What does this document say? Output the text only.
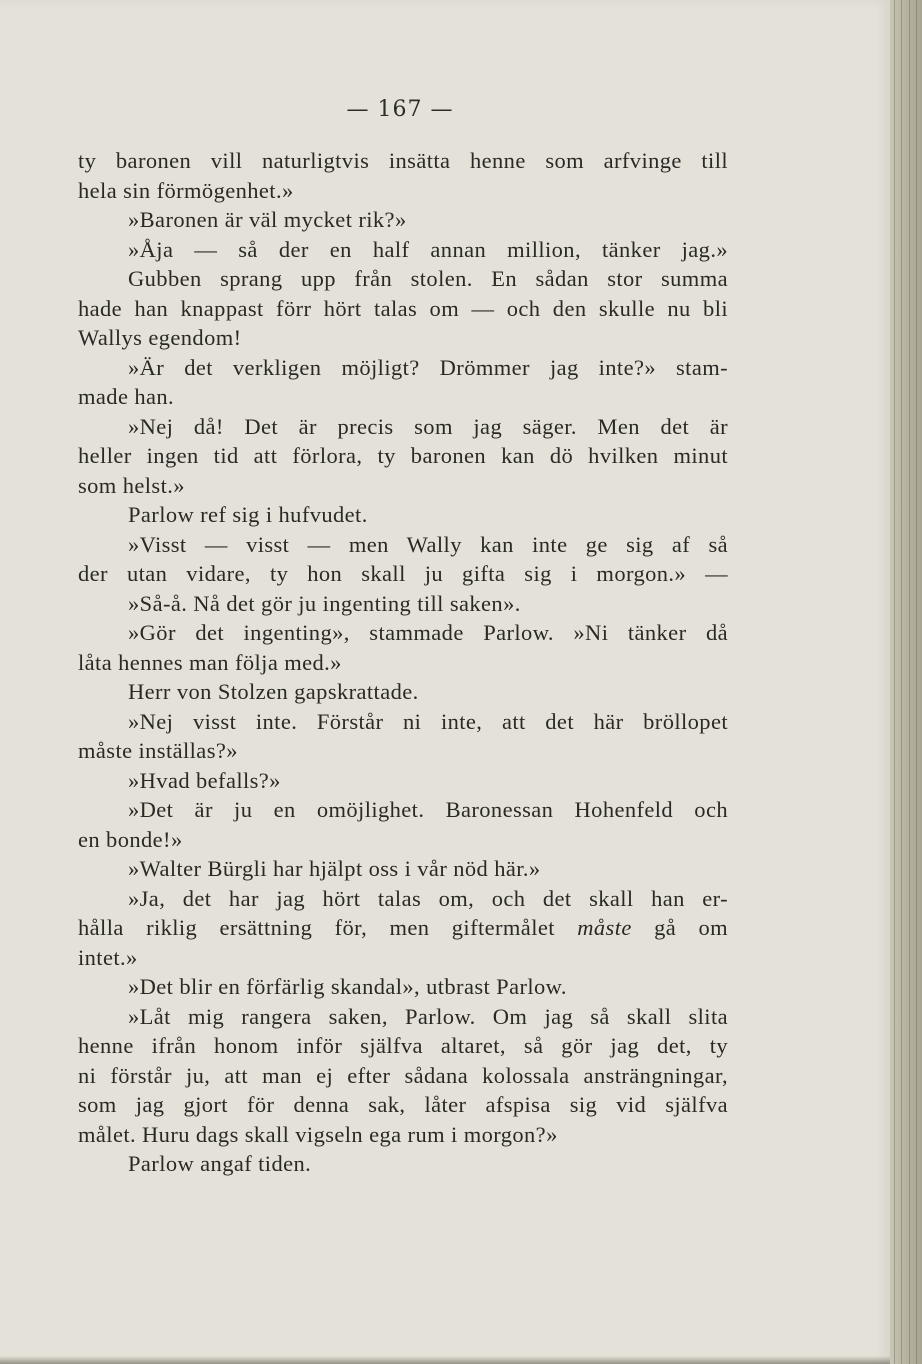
— 167 —
ty baronen vill naturligtvis insätta henne som arfvinge till
hela sin förmögenhet.»
»Baronen är väl mycket rik?»
»Åja — så der en half annan million, tänker jag.»
Gubben sprang upp från stolen. En sådan stor summa
hade han knappast förr hört talas om — och den skulle nu bli
Wallys egendom!
»Är det verkligen möjligt? Drömmer jag inte?» stam-
made han.
»Nej då! Det är precis som jag säger. Men det är
heller ingen tid att förlora, ty baronen kan dö hvilken minut
som helst.»
Parlow ref sig i hufvudet.
»Visst — visst — men Wally kan inte ge sig af så
der utan vidare, ty hon skall ju gifta sig i morgon.» —
»Så-å. Nå det gör ju ingenting till saken».
»Gör det ingenting», stammade Parlow. »Ni tänker då
låta hennes man följa med.»
Herr von Stolzen gapskrattade.
»Nej visst inte. Förstår ni inte, att det här bröllopet
måste inställas?»
»Hvad befalls?»
»Det är ju en omöjlighet. Baronessan Hohenfeld och
en bonde!»
»Walter Bürgli har hjälpt oss i vår nöd här.»
»Ja, det har jag hört talas om, och det skall han er-
hålla riklig ersättning för, men giftermålet måste gå om
intet.»
»Det blir en förfärlig skandal», utbrast Parlow.
»Låt mig rangera saken, Parlow. Om jag så skall slita
henne ifrån honom inför själfva altaret, så gör jag det, ty
ni förstår ju, att man ej efter sådana kolossala ansträngningar,
som jag gjort för denna sak, låter afspisa sig vid själfva
målet. Huru dags skall vigseln ega rum i morgon?»
Parlow angaf tiden.
